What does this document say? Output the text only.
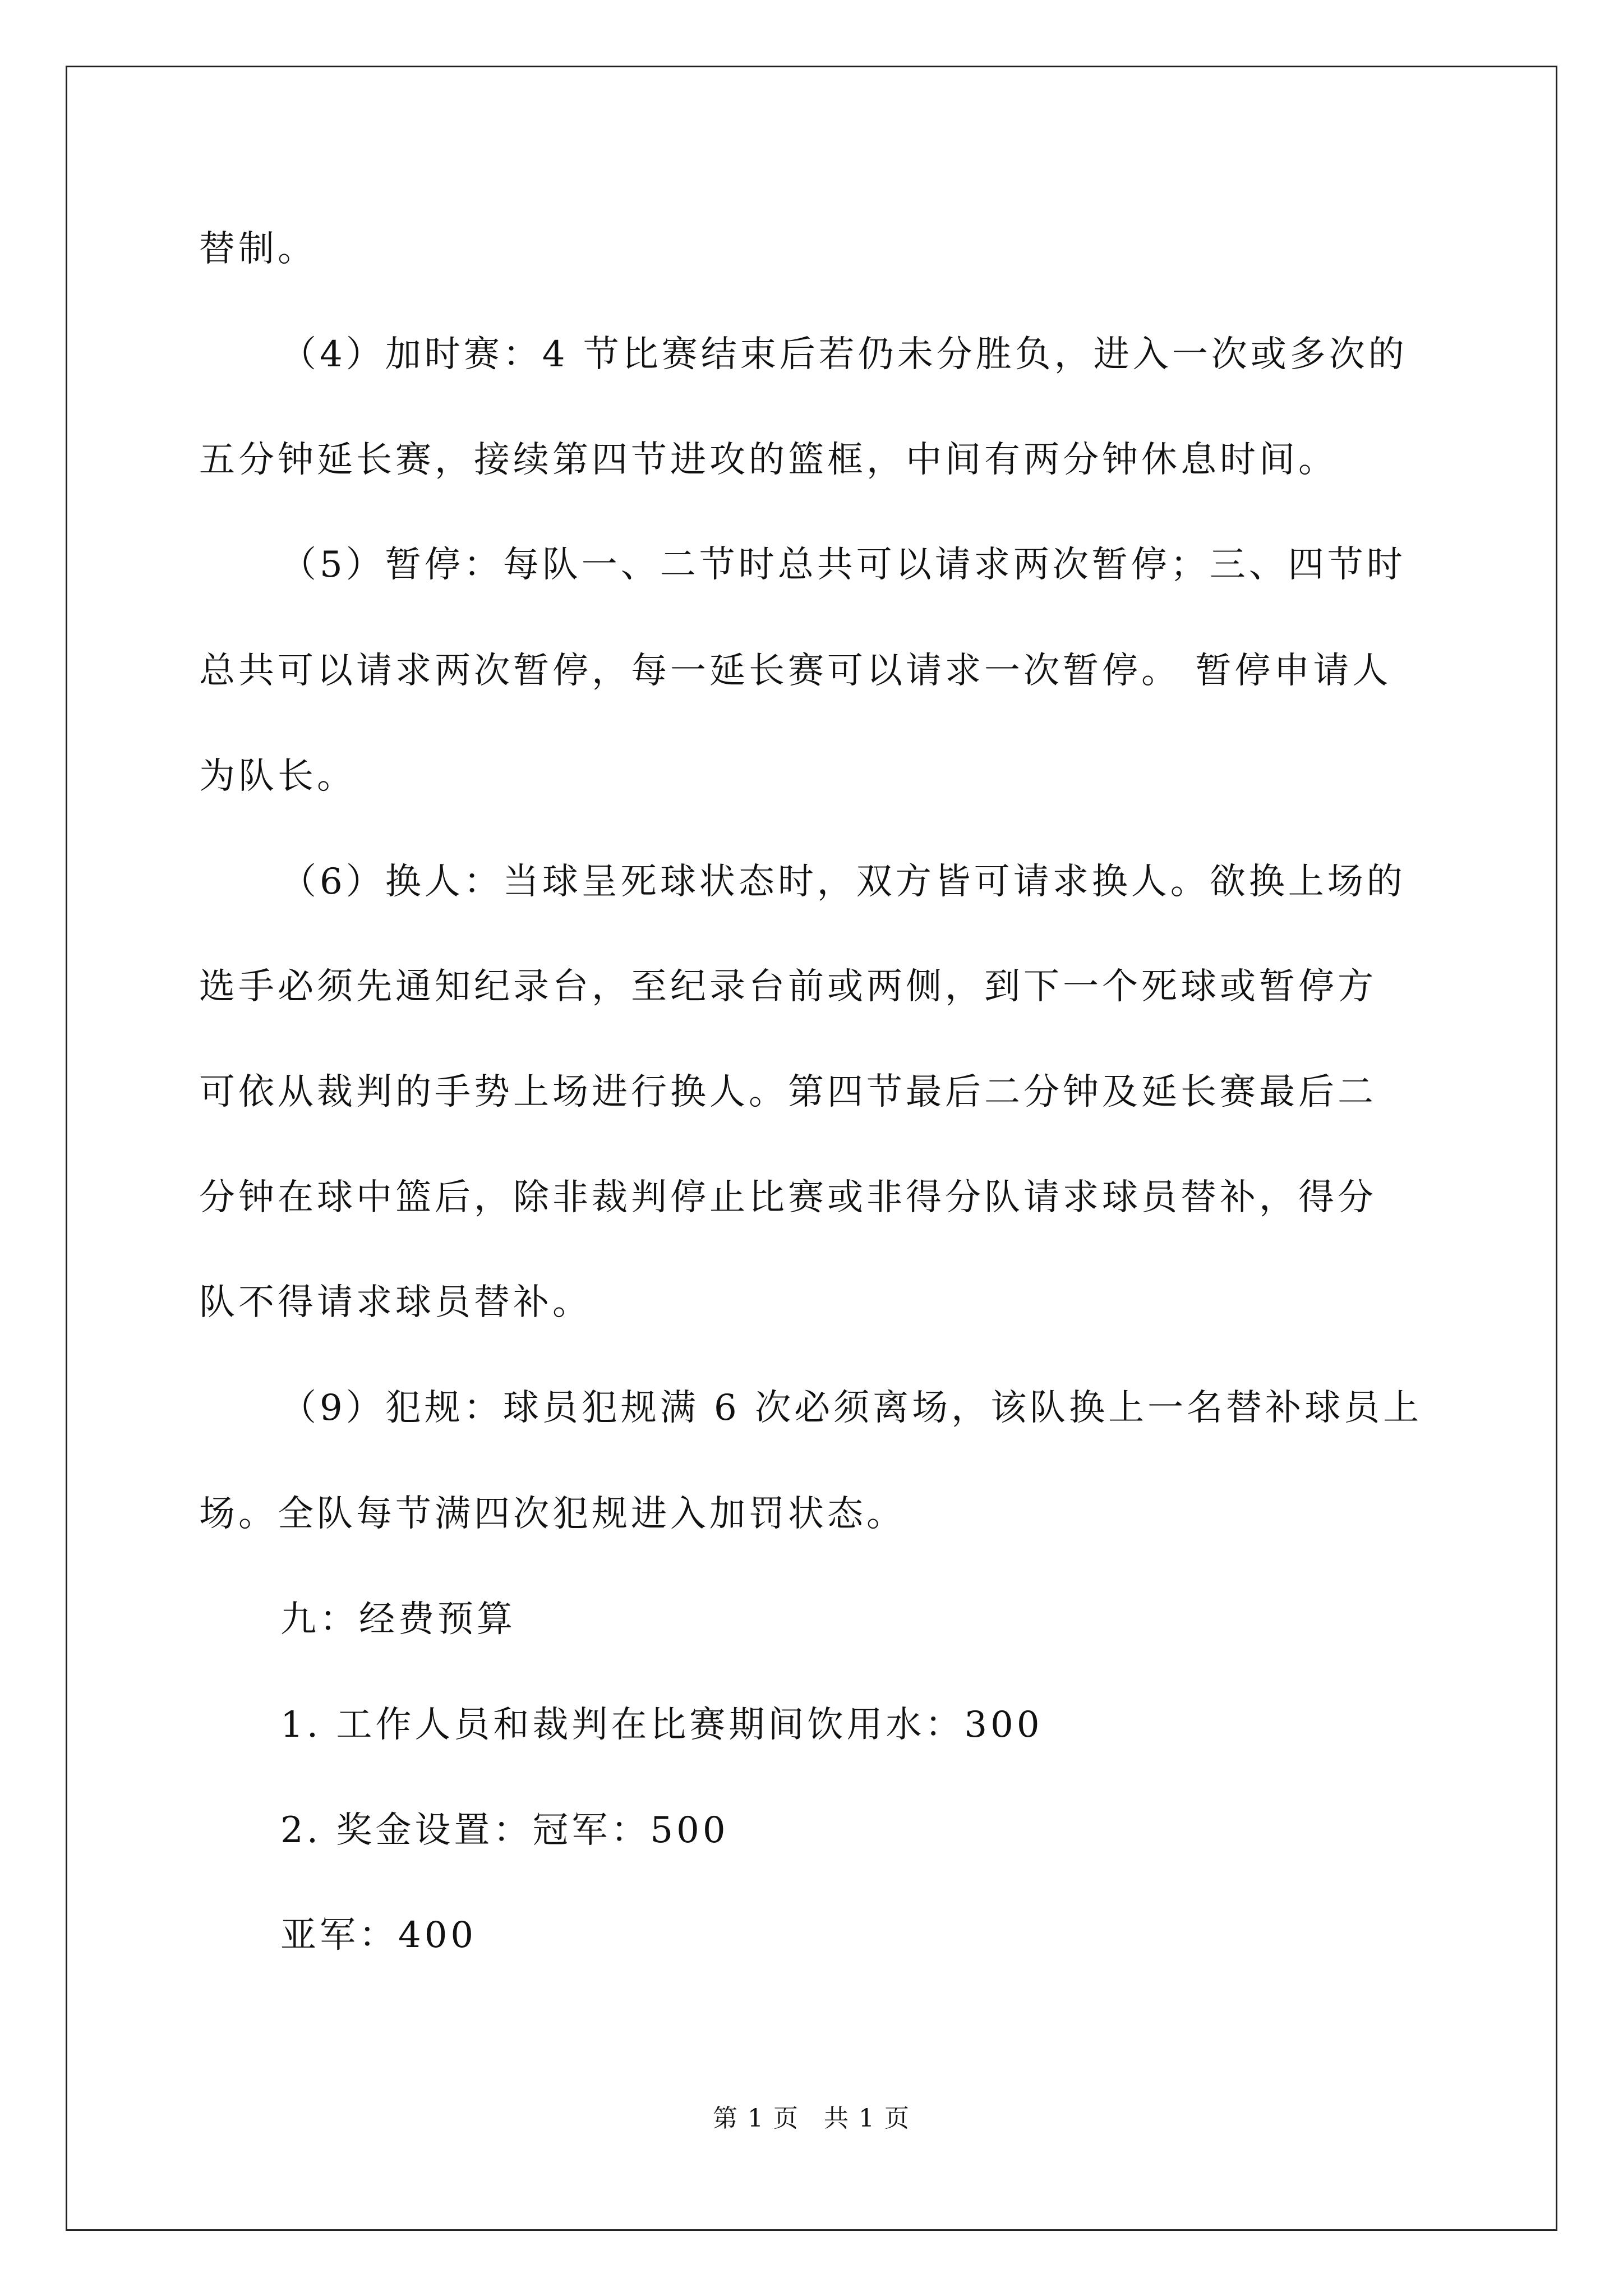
替制。
（4）加时赛：4 节比赛结束后若仍未分胜负，进入一次或多次的
五分钟延长赛，接续第四节进攻的篮框，中间有两分钟休息时间。
（5）暂停：每队一、二节时总共可以请求两次暂停；三、四节时
总共可以请求两次暂停，每一延长赛可以请求一次暂停。 暂停申请人
为队长。
（6）换人：当球呈死球状态时，双方皆可请求换人。欲换上场的
选手必须先通知纪录台，至纪录台前或两侧，到下一个死球或暂停方
可依从裁判的手势上场进行换人。第四节最后二分钟及延长赛最后二
分钟在球中篮后，除非裁判停止比赛或非得分队请求球员替补，得分
队不得请求球员替补。
（9）犯规：球员犯规满 6 次必须离场，该队换上一名替补球员上
场。全队每节满四次犯规进入加罚状态。
九：经费预算
1. 工作人员和裁判在比赛期间饮用水：300
2. 奖金设置：冠军：500
亚军：400
第 1 页 共 1 页
